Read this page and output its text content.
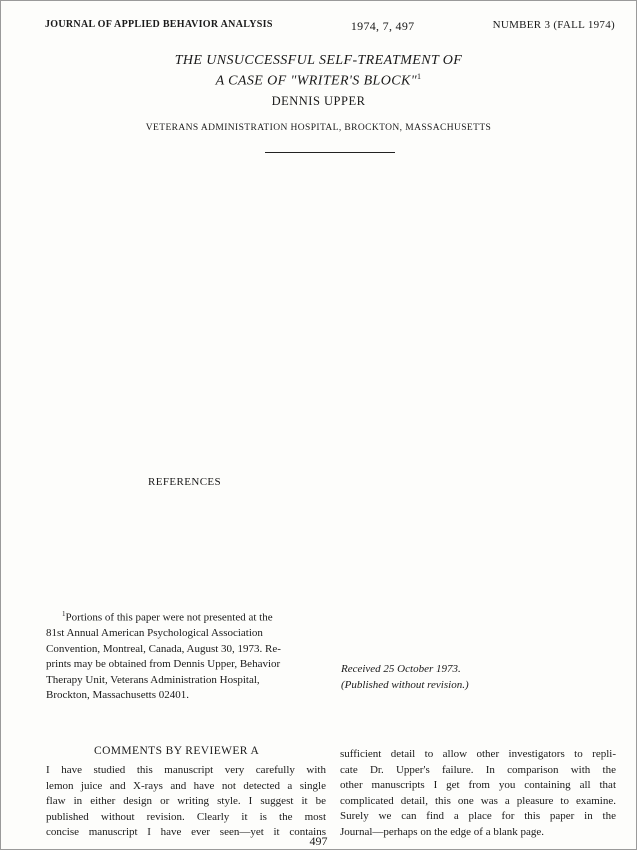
JOURNAL OF APPLIED BEHAVIOR ANALYSIS	1974, 7, 497	NUMBER 3 (FALL 1974)
THE UNSUCCESSFUL SELF-TREATMENT OF
A CASE OF "WRITER'S BLOCK"$^1$
DENNIS UPPER
VETERANS ADMINISTRATION HOSPITAL, BROCKTON, MASSACHUSETTS
REFERENCES
$^1$Portions of this paper were not presented at the
81st Annual American Psychological Association
Convention, Montreal, Canada, August 30, 1973. Re-
prints may be obtained from Dennis Upper, Behavior
Therapy Unit, Veterans Administration Hospital,
Brockton, Massachusetts 02401.
Received 25 October 1973.
(Published without revision.)
COMMENTS BY REVIEWER A
I have studied this manuscript very carefully with
lemon juice and X-rays and have not detected a single
flaw in either design or writing style. I suggest it be
published without revision. Clearly it is the most
concise manuscript I have ever seen—yet it contains
sufficient detail to allow other investigators to repli-
cate Dr. Upper's failure. In comparison with the
other manuscripts I get from you containing all that
complicated detail, this one was a pleasure to examine.
Surely we can find a place for this paper in the
Journal—perhaps on the edge of a blank page.
497
